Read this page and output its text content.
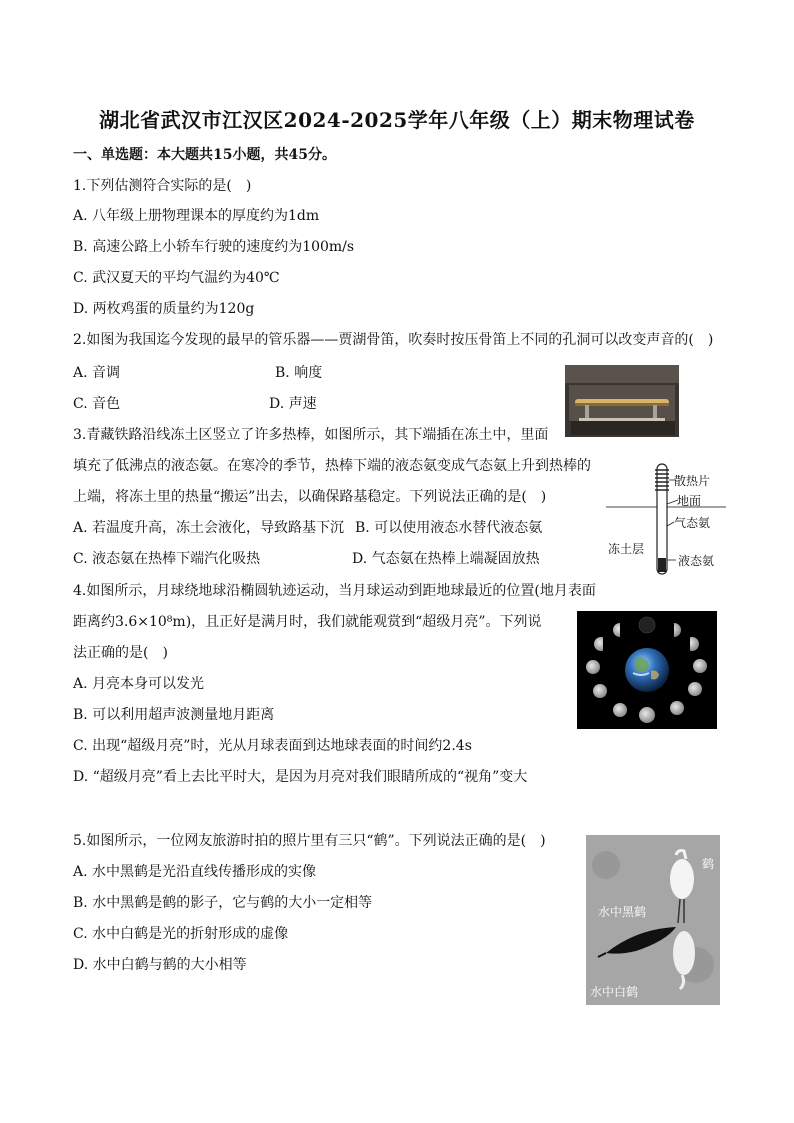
湖北省武汉市江汉区2024-2025学年八年级（上）期末物理试卷
一、单选题：本大题共15小题，共45分。
1.下列估测符合实际的是(　)
A. 八年级上册物理课本的厚度约为1dm
B. 高速公路上小轿车行驶的速度约为100m/s
C. 武汉夏天的平均气温约为40℃
D. 两枚鸡蛋的质量约为120g
2.如图为我国迄今发现的最早的管乐器——贾湖骨笛，吹奏时按压骨笛上不同的孔洞可以改变声音的(　)
A. 音调	B. 响度
C. 音色	D. 声速
3.青藏铁路沿线冻土区竖立了许多热棒，如图所示，其下端插在冻土中，里面
填充了低沸点的液态氨。在寒冷的季节，热棒下端的液态氨变成气态氨上升到热棒的
上端，将冻土里的热量“搬运”出去，以确保路基稳定。下列说法正确的是(　)
A. 若温度升高，冻土会液化，导致路基下沉 B. 可以使用液态水替代液态氨
C. 液态氨在热棒下端汽化吸热	D. 气态氨在热棒上端凝固放热
散热片
地面
气态氨
冻土层
液态氨
4.如图所示，月球绕地球沿椭圆轨迹运动，当月球运动到距地球最近的位置(地月表面
距离约3.6×10⁸m)，且正好是满月时，我们就能观赏到“超级月亮”。下列说
法正确的是(　)
A. 月亮本身可以发光
B. 可以利用超声波测量地月距离
C. 出现“超级月亮”时，光从月球表面到达地球表面的时间约2.4s
D. “超级月亮”看上去比平时大，是因为月亮对我们眼睛所成的“视角”变大
5.如图所示，一位网友旅游时拍的照片里有三只“鹤”。下列说法正确的是(　)
A. 水中黑鹤是光沿直线传播形成的实像
B. 水中黑鹤是鹤的影子，它与鹤的大小一定相等
C. 水中白鹤是光的折射形成的虚像
D. 水中白鹤与鹤的大小相等
鹤
水中黑鹤
水中白鹤
